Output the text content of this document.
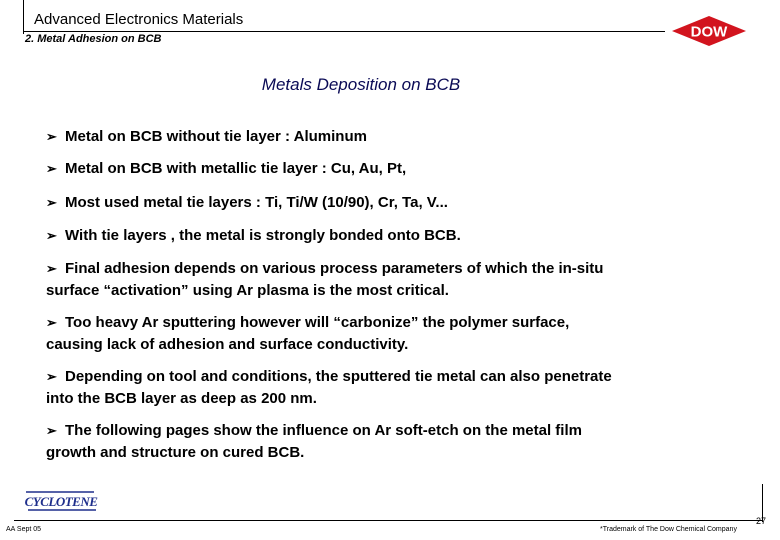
Advanced Electronics Materials
2. Metal Adhesion on BCB	DOW
Metals Deposition on BCB
➢ Metal on BCB without tie layer : Aluminum
➢ Metal on BCB with metallic tie layer : Cu, Au, Pt,
➢ Most used metal tie layers : Ti, Ti/W (10/90), Cr, Ta, V...
➢ With tie layers , the metal is strongly bonded onto BCB.
➢ Final adhesion depends on various process parameters of which the in-situ
surface “activation” using Ar plasma is the most critical.
➢ Too heavy Ar sputtering however will “carbonize” the polymer surface,
causing lack of adhesion and surface conductivity.
➢ Depending on tool and conditions, the sputtered tie metal can also penetrate
into the BCB layer as deep as 200 nm.
➢ The following pages show the influence on Ar soft-etch on the metal film
growth and structure on cured BCB.
CYCLOTENE
27
AA Sept 05	*Trademark of The Dow Chemical Company
